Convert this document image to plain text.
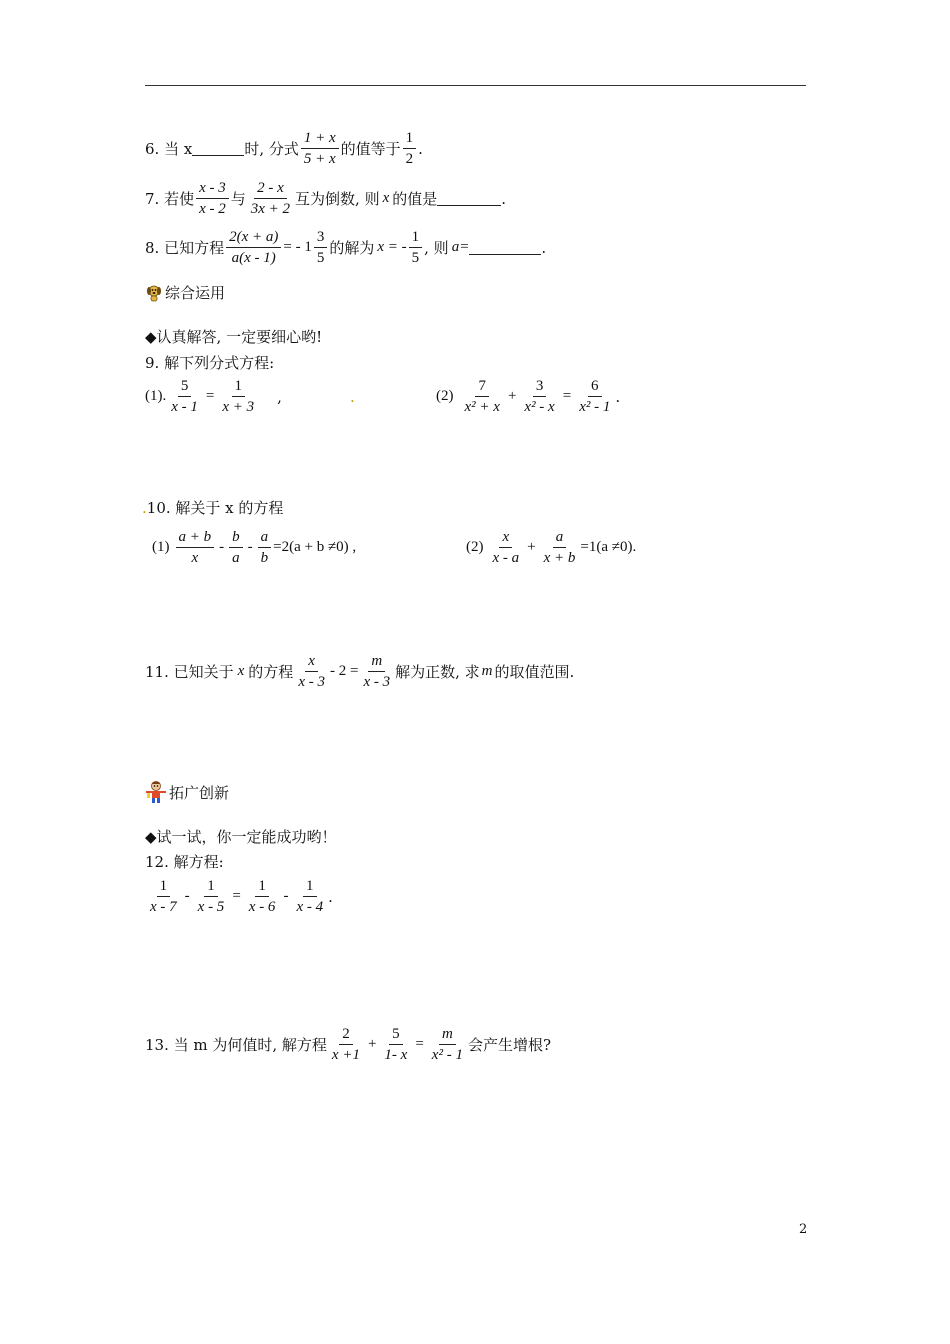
6. 当 x	时, 分式 $\frac{1 + x}{5 + x}$ 的值等于 $\frac{1}{2}$ .
7. 若使 $\frac{x - 3}{x - 2}$ 与 $\frac{2 - x}{3x + 2}$ 互为倒数, 则 x 的值是	.
8. 已知方程 $\frac{2(x + a)}{a(x - 1)}$ = - $1 \frac{3}{5}$ 的解为 x = - $\frac{1}{5}$ , 则 a=	.
综合运用
◆认真解答, 一定要细心哟!
9. 解下列分式方程:
(1). $\frac{5}{x - 1} = \frac{1}{x + 3}$ ,	.	$(2) \frac{7}{\text{x² + x}} + \frac{3}{\text{x² - x}} = \frac{6}{\text{x² - 1}}$ .
. 10. 解关于 x 的方程
$(1) \frac{a + b}{x} - \frac{b}{a} - \frac{a}{b} =2(a + b \ne 0)$ ,	$(2) \frac{x}{x - a} + \frac{a}{x + b} =1(a \ne 0)$.
11. 已知关于 x 的方程 $\frac{x}{x - 3} - 2 = \frac{m}{x - 3}$ 解为正数, 求 m 的取值范围.
拓广创新
◆试一试，你一定能成功哟！
12. 解方程:
$\frac{1}{x - 7} - \frac{1}{x - 5} = \frac{1}{x - 6} - \frac{1}{x - 4}$ .
13. 当 m 为何值时, 解方程 $\frac{2}{x +1} + \frac{5}{1- x} = \frac{m}{\text{x² - 1}}$ 会产生增根?
2
